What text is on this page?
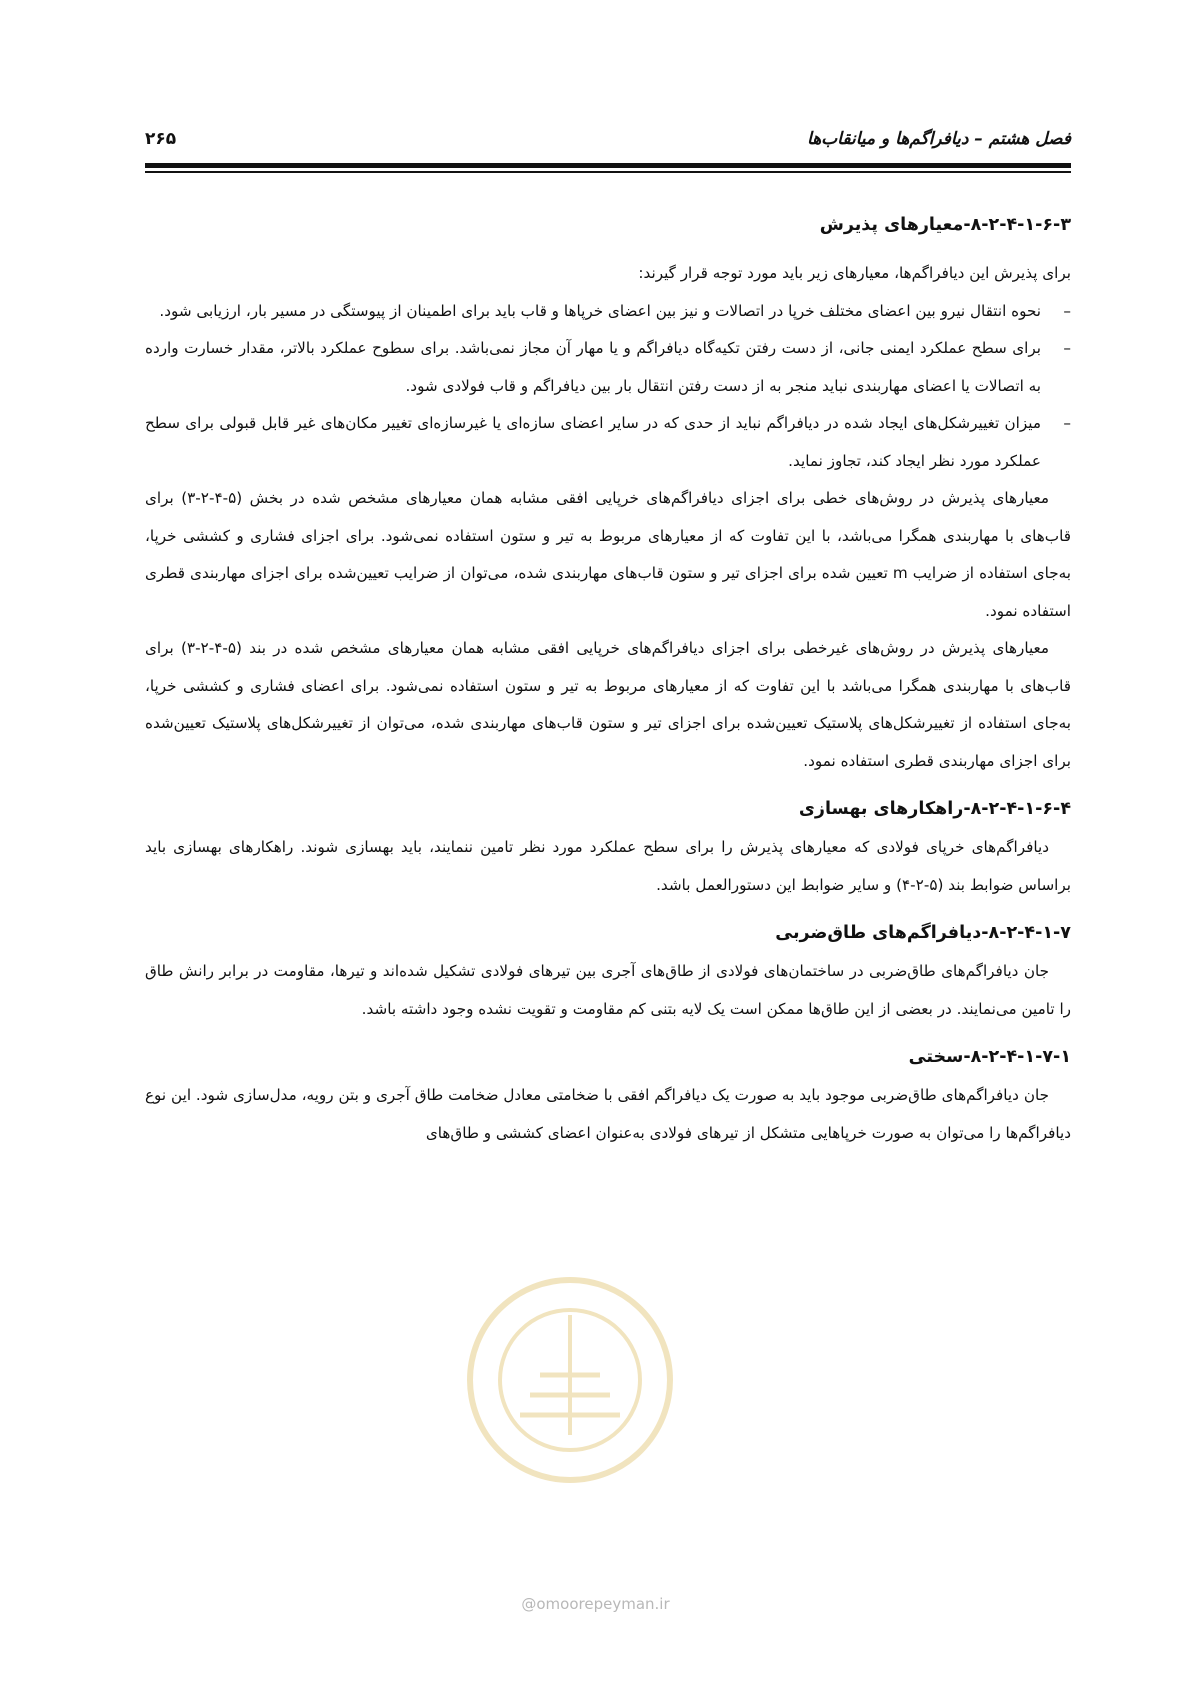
فصل هشتم – دیافراگم‌ها و میانقاب‌ها
۲۶۵
۸-۲-۴-۱-۶-۳-معیارهای پذیرش

برای پذیرش این دیافراگم‌ها، معیارهای زیر باید مورد توجه قرار گیرند:

–
نحوه انتقال نیرو بین اعضای مختلف خرپا در اتصالات و نیز بین اعضای خرپاها و قاب باید برای اطمینان از پیوستگی در مسیر بار، ارزیابی شود.
–
برای سطح عملکرد ایمنی جانی، از دست رفتن تکیه‌گاه دیافراگم و یا مهار آن مجاز نمی‌باشد. برای سطوح عملکرد بالاتر، مقدار خسارت وارده به اتصالات یا اعضای مهاربندی نباید منجر به از دست رفتن انتقال بار بین دیافراگم و قاب فولادی شود.
–
میزان تغییرشکل‌های ایجاد شده در دیافراگم نباید از حدی که در سایر اعضای سازه‌ای یا غیرسازه‌ای تغییر مکان‌های غیر قابل قبولی برای سطح عملکرد مورد نظر ایجاد کند، تجاوز نماید.

معیارهای پذیرش در روش‌های خطی برای اجزای دیافراگم‌های خرپایی افقی مشابه همان معیارهای مشخص شده در بخش (۵-۴-۲-۳) برای قاب‌های با مهاربندی همگرا می‌باشد، با این تفاوت که از معیارهای مربوط به تیر و ستون استفاده نمی‌شود. برای اجزای فشاری و کششی خرپا، به‌جای استفاده از ضرایب m تعیین شده برای اجزای تیر و ستون قاب‌های مهاربندی شده، می‌توان از ضرایب تعیین‌شده برای اجزای مهاربندی قطری استفاده نمود.

معیارهای پذیرش در روش‌های غیرخطی برای اجزای دیافراگم‌های خرپایی افقی مشابه همان معیارهای مشخص شده در بند (۵-۴-۲-۳) برای قاب‌های با مهاربندی همگرا می‌باشد با این تفاوت که از معیارهای مربوط به تیر و ستون استفاده نمی‌شود. برای اعضای فشاری و کششی خرپا، به‌جای استفاده از تغییرشکل‌های پلاستیک تعیین‌شده برای اجزای تیر و ستون قاب‌های مهاربندی شده، می‌توان از تغییرشکل‌های پلاستیک تعیین‌شده برای اجزای مهاربندی قطری استفاده نمود.

۸-۲-۴-۱-۶-۴-راهکارهای بهسازی

دیافراگم‌های خرپای فولادی که معیارهای پذیرش را برای سطح عملکرد مورد نظر تامین ننمایند، باید بهسازی شوند. راهکارهای بهسازی باید براساس ضوابط بند (۵-۲-۴) و سایر ضوابط این دستورالعمل باشد.

۸-۲-۴-۱-۷-دیافراگم‌های طاق‌ضربی

جان دیافراگم‌های طاق‌ضربی در ساختمان‌های فولادی از طاق‌های آجری بین تیرهای فولادی تشکیل شده‌اند و تیرها، مقاومت در برابر رانش طاق را تامین می‌نمایند. در بعضی از این طاق‌ها ممکن است یک لایه بتنی کم مقاومت و تقویت نشده وجود داشته باشد.

۸-۲-۴-۱-۷-۱-سختی

جان دیافراگم‌های طاق‌ضربی موجود باید به صورت یک دیافراگم افقی با ضخامتی معادل ضخامت طاق آجری و بتن رویه، مدل‌سازی شود. این نوع دیافراگم‌ها را می‌توان به صورت خرپاهایی متشکل از تیرهای فولادی به‌عنوان اعضای کششی و طاق‌های

@omoorepeyman.ir
